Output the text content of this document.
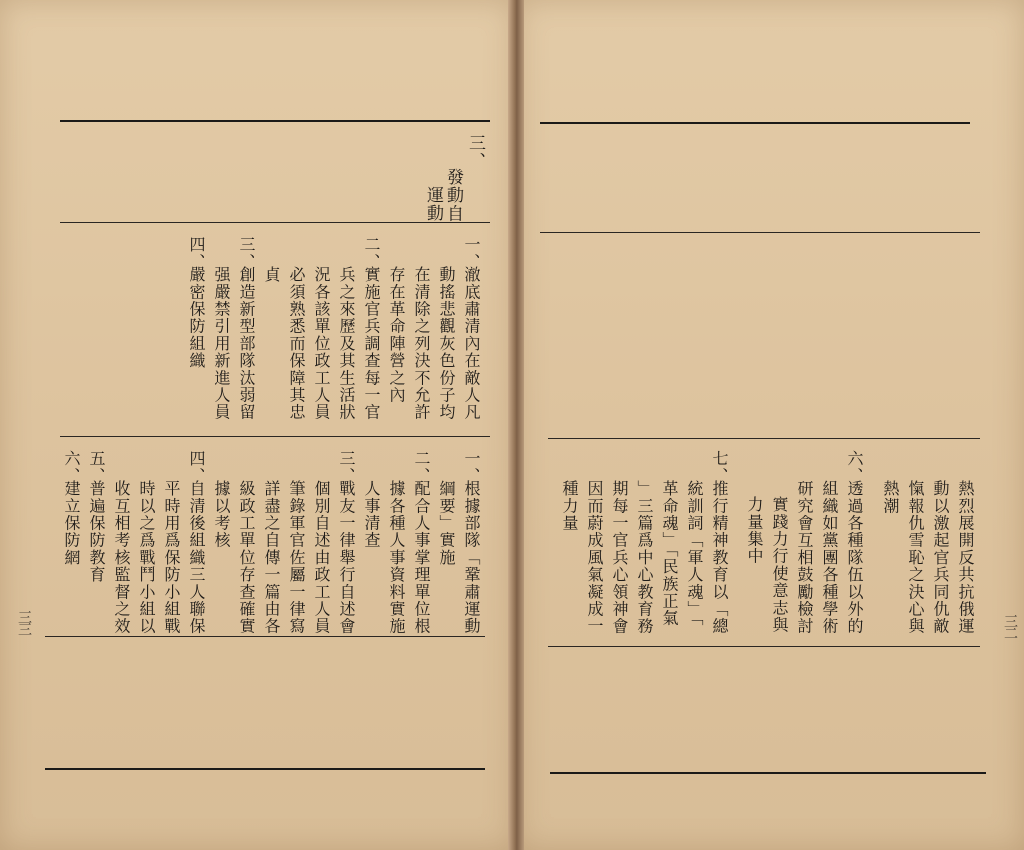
三、
發動自
運動
一、
澈底肅清內在敵人凡
動搖悲觀灰色份子均
在清除之列決不允許
存在革命陣營之內
二、
實施官兵調查每一官
兵之來歷及其生活狀
況各該單位政工人員
必須熟悉而保障其忠
貞
三、
創造新型部隊汰弱留
强嚴禁引用新進人員
四、
嚴密保防組織
一、
根據部隊「鞏肅運動
綱要」實施
二、
配合人事掌理單位根
據各種人事資料實施
人事清查
三、
戰友一律舉行自述會
個別自述由政工人員
筆錄軍官佐屬一律寫
詳盡之自傳一篇由各
級政工單位存查確實
據以考核
四、
自清後組織三人聯保
平時用爲保防小組戰
時以之爲戰鬥小組以
收互相考核監督之效
五、
普遍保防教育
六、
建立保防網
三三	熱烈展開反共抗俄運
動以激起官兵同仇敵
愾報仇雪恥之決心與
熱潮
六、
透過各種隊伍以外的
組織如黨團各種學術
研究會互相鼓勵檢討
實踐力行使意志與
力量集中
七、
推行精神教育以「總
統訓詞「軍人魂」「
革命魂」「民族正氣
」三篇爲中心教育務
期每一官兵心領神會
因而蔚成風氣凝成一
種力量
三二
